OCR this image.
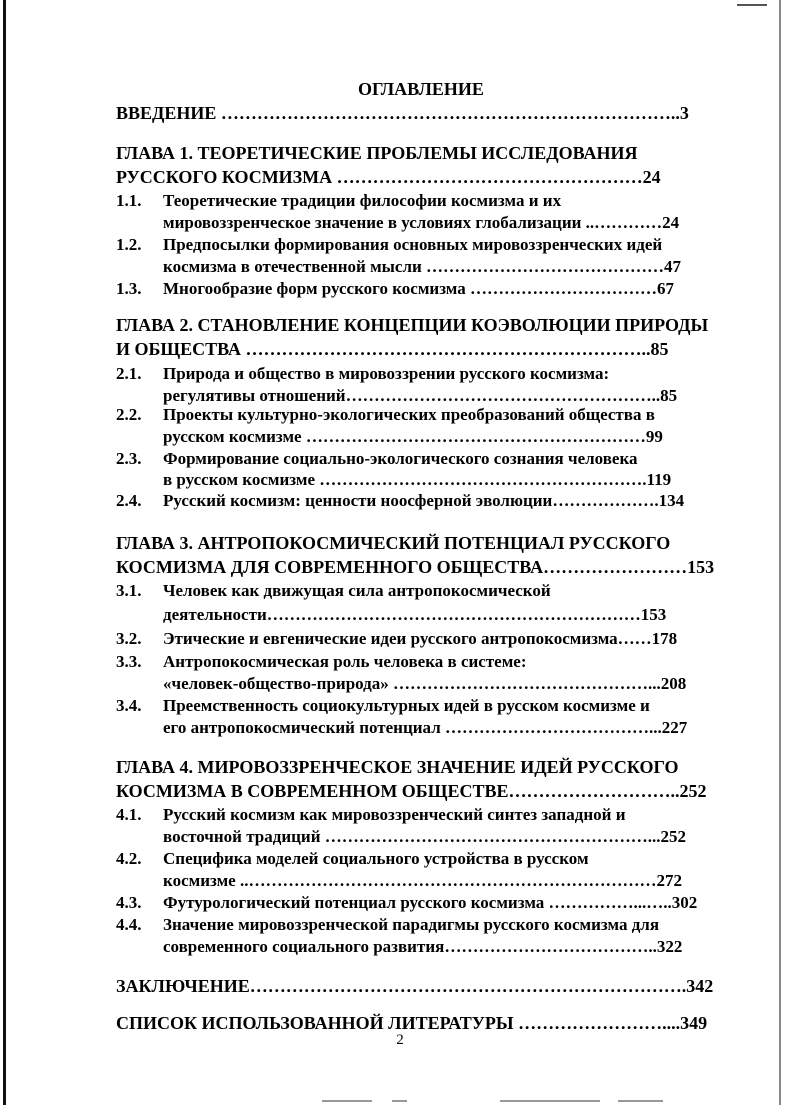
ОГЛАВЛЕНИЕ
ВВЕДЕНИЕ …………………………………………………………………..3
ГЛАВА 1. ТЕОРЕТИЧЕСКИЕ ПРОБЛЕМЫ ИССЛЕДОВАНИЯ
РУССКОГО КОСМИЗМА ……………………………………………24
1.1. Теоретические традиции философии космизма и их
мировоззренческое значение в условиях глобализации ..…………24
1.2. Предпосылки формирования основных мировоззренческих идей
космизма в отечественной мысли ……………………………………47
1.3. Многообразие форм русского космизма ……………………………67
ГЛАВА 2. СТАНОВЛЕНИЕ КОНЦЕПЦИИ КОЭВОЛЮЦИИ ПРИРОДЫ
И ОБЩЕСТВА …………………………………………………………..85
2.1. Природа и общество в мировоззрении русского космизма:
регулятивы отношений………………………………………………..85
2.2. Проекты культурно-экологических преобразований общества в
русском космизме ……………………………………………………99
2.3. Формирование социально-экологического сознания человека
в русском космизме ………………………………………………….119
2.4. Русский космизм: ценности ноосферной эволюции……………….134
ГЛАВА 3. АНТРОПОКОСМИЧЕСКИЙ ПОТЕНЦИАЛ РУССКОГО
КОСМИЗМА ДЛЯ СОВРЕМЕННОГО ОБЩЕСТВА……………………153
3.1. Человек как движущая сила антропокосмической
деятельности…………………………………………………………153
3.2. Этические и евгенические идеи русского антропокосмизма……178
3.3. Антропокосмическая роль человека в системе:
«человек-общество-природа» ………………………………………...208
3.4. Преемственность социокультурных идей в русском космизме и
его антропокосмический потенциал ………………………………...227
ГЛАВА 4. МИРОВОЗЗРЕНЧЕСКОЕ ЗНАЧЕНИЕ ИДЕЙ РУССКОГО
КОСМИЗМА В СОВРЕМЕННОМ ОБЩЕСТВЕ………………………..252
4.1. Русский космизм как мировоззренческий синтез западной и
восточной традиций …………………………………………………...252
4.2. Специфика моделей социального устройства в русском
космизме ..………………………………………………………………272
4.3. Футурологический потенциал русского космизма ……………...…..302
4.4. Значение мировоззренческой парадигмы русского космизма для
современного социального развития………………………………..322
ЗАКЛЮЧЕНИЕ……………………………………………………………….342
СПИСОК ИСПОЛЬЗОВАННОЙ ЛИТЕРАТУРЫ ……………………....349
2
